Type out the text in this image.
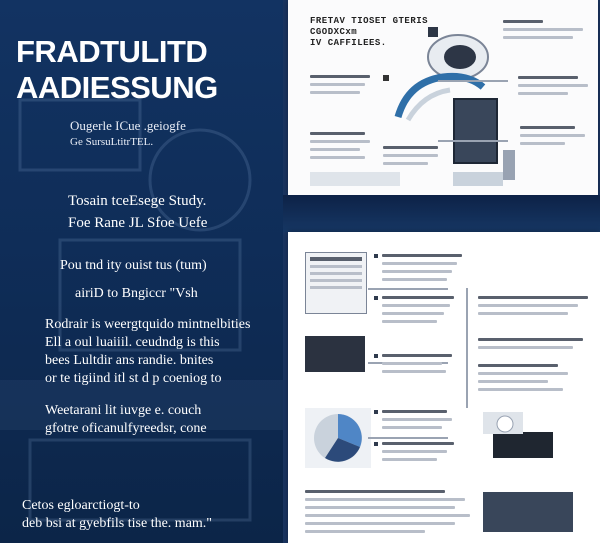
FRADTULITD
AADIESSUNG
Ougerle ICue .geiogfe
Ge SursuLtitrTEL.
Tosain tceEsege Study.
Foe Rane JL Sfoe Uefe
Pou tnd ity ouist tus (tum)
airiD to Bngiccr "Vsh
Rodrair is weergtquido mintnelbities
Ell a oul luaiiil. ceudndg is this
bees Lultdir ans randie. bnites
or te tigiind itl st d p coeniog to
Weetarani lit iuvge e. couch
gfotre oficanulfyreedsr, cone
Cetos egloarctiogt-to
deb bsi at gyebfils tise the. mam."
FRETAV TIOSET GTERIS
CGODXCxm
IV CAFFILEES.
